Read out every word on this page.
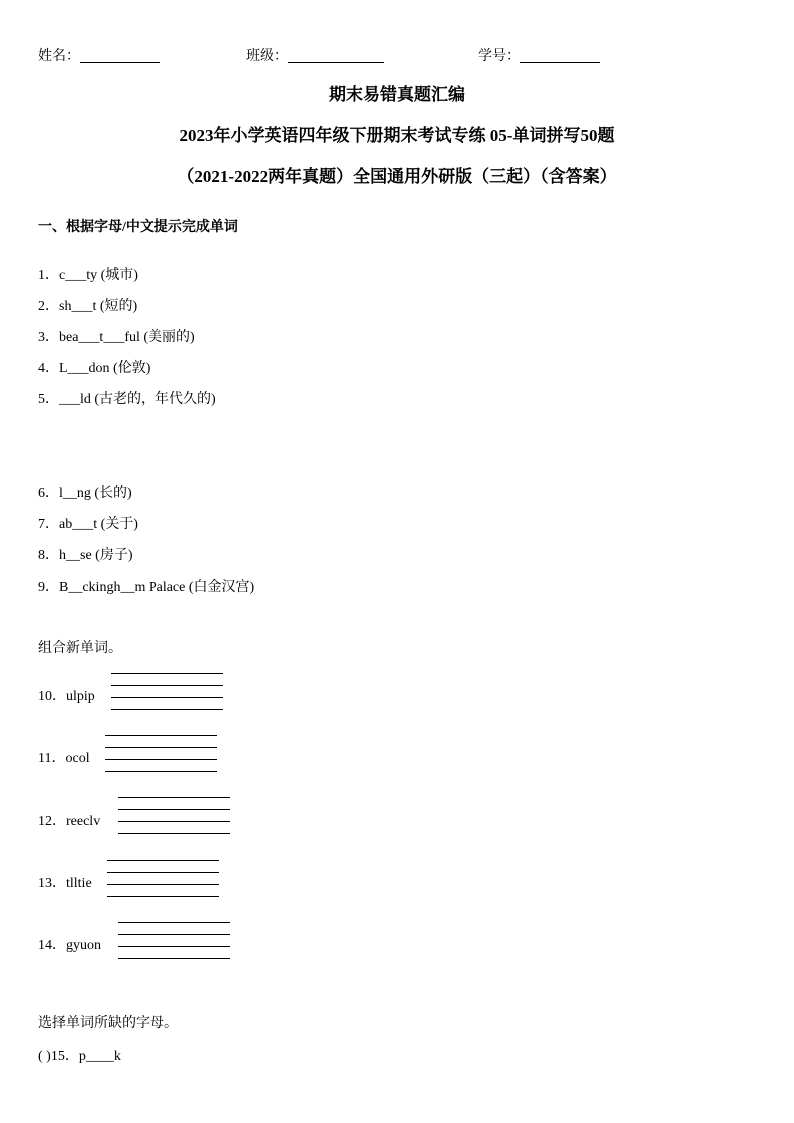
姓名：	班级：	学号：
期末易错真题汇编
2023年小学英语四年级下册期末考试专练 05-单词拼写50题
（2021-2022两年真题）全国通用外研版（三起）（含答案）
一、根据字母/中文提示完成单词
1．c___ty (城市)
2．sh___t (短的)
3．bea___t___ful (美丽的)
4．L___don (伦敦)
5．___ld (古老的，年代久的)
6．l__ng (长的)
7．ab___t (关于)
8．h__se (房子)
9．B__ckingh__m Palace (白金汉宫)
组合新单词。
10．ulpip
11．ocol
12．reeclv
13．tlltie
14．gyuon
选择单词所缺的字母。
( )15．p____k
